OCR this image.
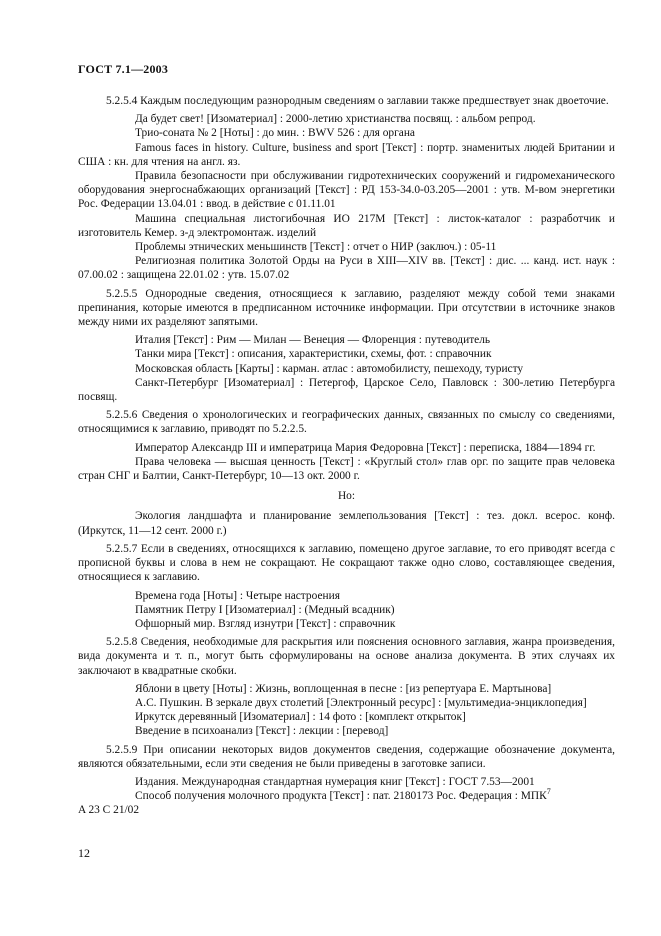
ГОСТ 7.1—2003

5.2.5.4 Каждым последующим разнородным сведениям о заглавии также предшествует знак двоеточие.

Да будет свет! [Изоматериал] : 2000-летию христианства посвящ. : альбом репрод.
Трио-соната № 2 [Ноты] : до мин. : BWV 526 : для органа
Famous faces in history. Culture, business and sport [Текст] : портр. знаменитых людей Британии и США : кн. для чтения на англ. яз.
Правила безопасности при обслуживании гидротехнических сооружений и гидромеханического оборудования энергоснабжающих организаций [Текст] : РД 153-34.0-03.205—2001 : утв. М-вом энергетики Рос. Федерации 13.04.01 : ввод. в действие с 01.11.01
Машина специальная листогибочная ИО 217М [Текст] : листок-каталог : разработчик и изготовитель Кемер. з-д электромонтаж. изделий
Проблемы этнических меньшинств [Текст] : отчет о НИР (заключ.) : 05-11
Религиозная политика Золотой Орды на Руси в XIII—XIV вв. [Текст] : дис. ... канд. ист. наук : 07.00.02 : защищена 22.01.02 : утв. 15.07.02

5.2.5.5 Однородные сведения, относящиеся к заглавию, разделяют между собой теми знаками препинания, которые имеются в предписанном источнике информации. При отсутствии в источнике знаков между ними их разделяют запятыми.

Италия [Текст] : Рим — Милан — Венеция — Флоренция : путеводитель
Танки мира [Текст] : описания, характеристики, схемы, фот. : справочник
Московская область [Карты] : карман. атлас : автомобилисту, пешеходу, туристу
Санкт-Петербург [Изоматериал] : Петергоф, Царское Село, Павловск : 300-летию Петербурга посвящ.

5.2.5.6 Сведения о хронологических и географических данных, связанных по смыслу со сведениями, относящимися к заглавию, приводят по 5.2.2.5.

Император Александр III и императрица Мария Федоровна [Текст] : переписка, 1884—1894 гг.
Права человека — высшая ценность [Текст] : «Круглый стол» глав орг. по защите прав человека стран СНГ и Балтии, Санкт-Петербург, 10—13 окт. 2000 г.
Но:
Экология ландшафта и планирование землепользования [Текст] : тез. докл. всерос. конф. (Иркутск, 11—12 сент. 2000 г.)

5.2.5.7 Если в сведениях, относящихся к заглавию, помещено другое заглавие, то его приводят всегда с прописной буквы и слова в нем не сокращают. Не сокращают также одно слово, составляющее сведения, относящиеся к заглавию.

Времена года [Ноты] : Четыре настроения
Памятник Петру I [Изоматериал] : (Медный всадник)
Офшорный мир. Взгляд изнутри [Текст] : справочник

5.2.5.8 Сведения, необходимые для раскрытия или пояснения основного заглавия, жанра произведения, вида документа и т. п., могут быть сформулированы на основе анализа документа. В этих случаях их заключают в квадратные скобки.

Яблони в цвету [Ноты] : Жизнь, воплощенная в песне : [из репертуара Е. Мартынова]
А.С. Пушкин. В зеркале двух столетий [Электронный ресурс] : [мультимедиа-энциклопедия]
Иркутск деревянный [Изоматериал] : 14 фото : [комплект открыток]
Введение в психоанализ [Текст] : лекции : [перевод]

5.2.5.9 При описании некоторых видов документов сведения, содержащие обозначение документа, являются обязательными, если эти сведения не были приведены в заготовке записи.

Издания. Международная стандартная нумерация книг [Текст] : ГОСТ 7.53—2001
Способ получения молочного продукта [Текст] : пат. 2180173 Рос. Федерация : МПК$^7$
A 23 C 21/02
12
